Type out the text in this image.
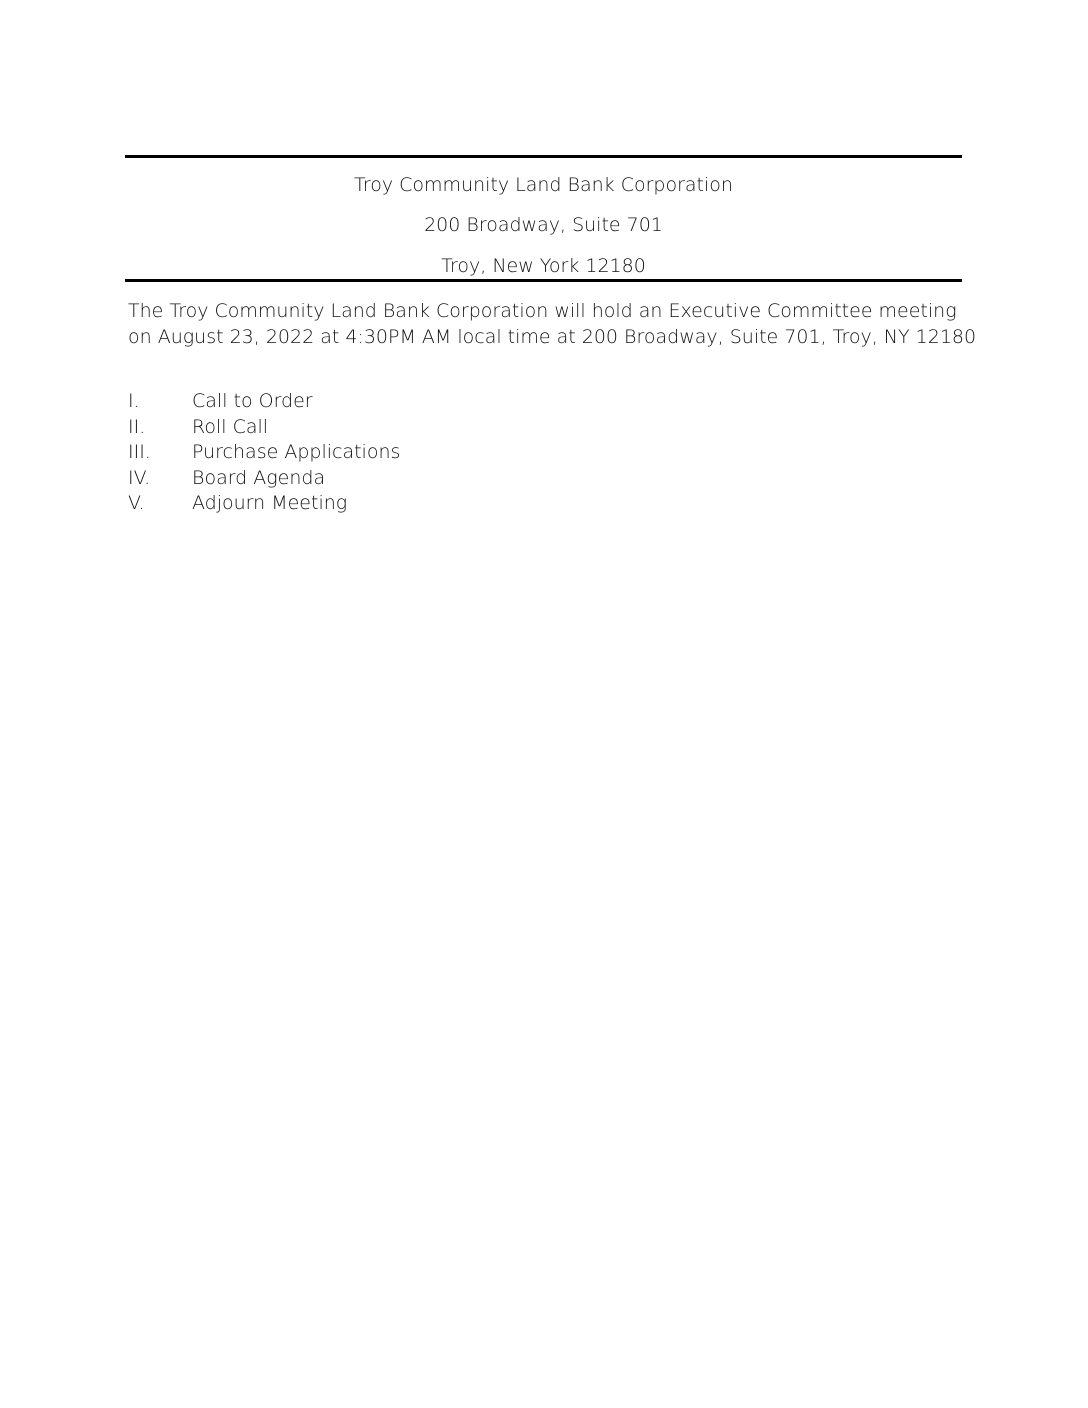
Troy Community Land Bank Corporation
200 Broadway, Suite 701
Troy, New York 12180
The Troy Community Land Bank Corporation will hold an Executive Committee meeting
on August 23, 2022 at 4:30PM AM local time at 200 Broadway, Suite 701, Troy, NY 12180
I.	Call to Order
II.	Roll Call
III.	Purchase Applications
IV.	Board Agenda
V.	Adjourn Meeting
